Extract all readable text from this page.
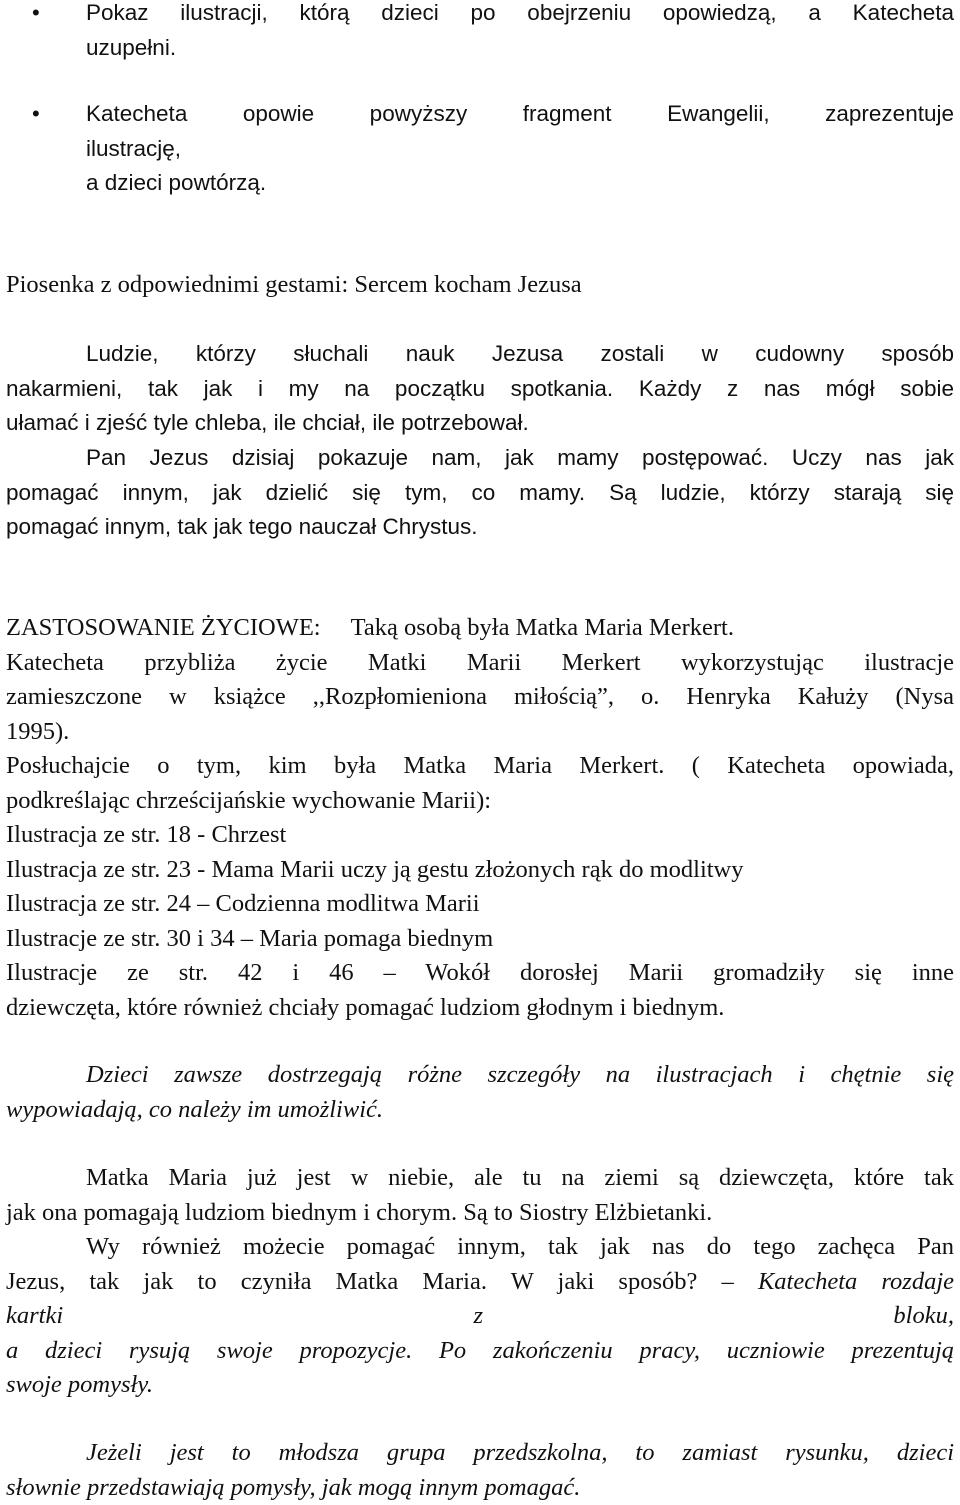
• Pokaz ilustracji, którą dzieci po obejrzeniu opowiedzą, a Katecheta
uzupełni.
• Katecheta opowie powyższy fragment Ewangelii, zaprezentuje
ilustrację,
a dzieci powtórzą.
Piosenka z odpowiednimi gestami: Sercem kocham Jezusa
Ludzie, którzy słuchali nauk Jezusa zostali w cudowny sposób
nakarmieni, tak jak i my na początku spotkania. Każdy z nas mógł sobie
ułamać i zjeść tyle chleba, ile chciał, ile potrzebował.
Pan Jezus dzisiaj pokazuje nam, jak mamy postępować. Uczy nas jak
pomagać innym, jak dzielić się tym, co mamy. Są ludzie, którzy starają się
pomagać innym, tak jak tego nauczał Chrystus.
ZASTOSOWANIE ŻYCIOWE: Taką osobą była Matka Maria Merkert.
Katecheta przybliża życie Matki Marii Merkert wykorzystując ilustracje
zamieszczone w książce ,,Rozpłomieniona miłością”, o. Henryka Kałuży (Nysa
1995).
Posłuchajcie o tym, kim była Matka Maria Merkert. ( Katecheta opowiada,
podkreślając chrześcijańskie wychowanie Marii):
Ilustracja ze str. 18 - Chrzest
Ilustracja ze str. 23 - Mama Marii uczy ją gestu złożonych rąk do modlitwy
Ilustracja ze str. 24 – Codzienna modlitwa Marii
Ilustracje ze str. 30 i 34 – Maria pomaga biednym
Ilustracje ze str. 42 i 46 – Wokół dorosłej Marii gromadziły się inne
dziewczęta, które również chciały pomagać ludziom głodnym i biednym.
Dzieci zawsze dostrzegają różne szczegóły na ilustracjach i chętnie się
wypowiadają, co należy im umożliwić.
Matka Maria już jest w niebie, ale tu na ziemi są dziewczęta, które tak
jak ona pomagają ludziom biednym i chorym. Są to Siostry Elżbietanki.
Wy również możecie pomagać innym, tak jak nas do tego zachęca Pan
Jezus, tak jak to czyniła Matka Maria. W jaki sposób? – Katecheta rozdaje
kartki z bloku,
a dzieci rysują swoje propozycje. Po zakończeniu pracy, uczniowie prezentują
swoje pomysły.
Jeżeli jest to młodsza grupa przedszkolna, to zamiast rysunku, dzieci
słownie przedstawiają pomysły, jak mogą innym pomagać.
